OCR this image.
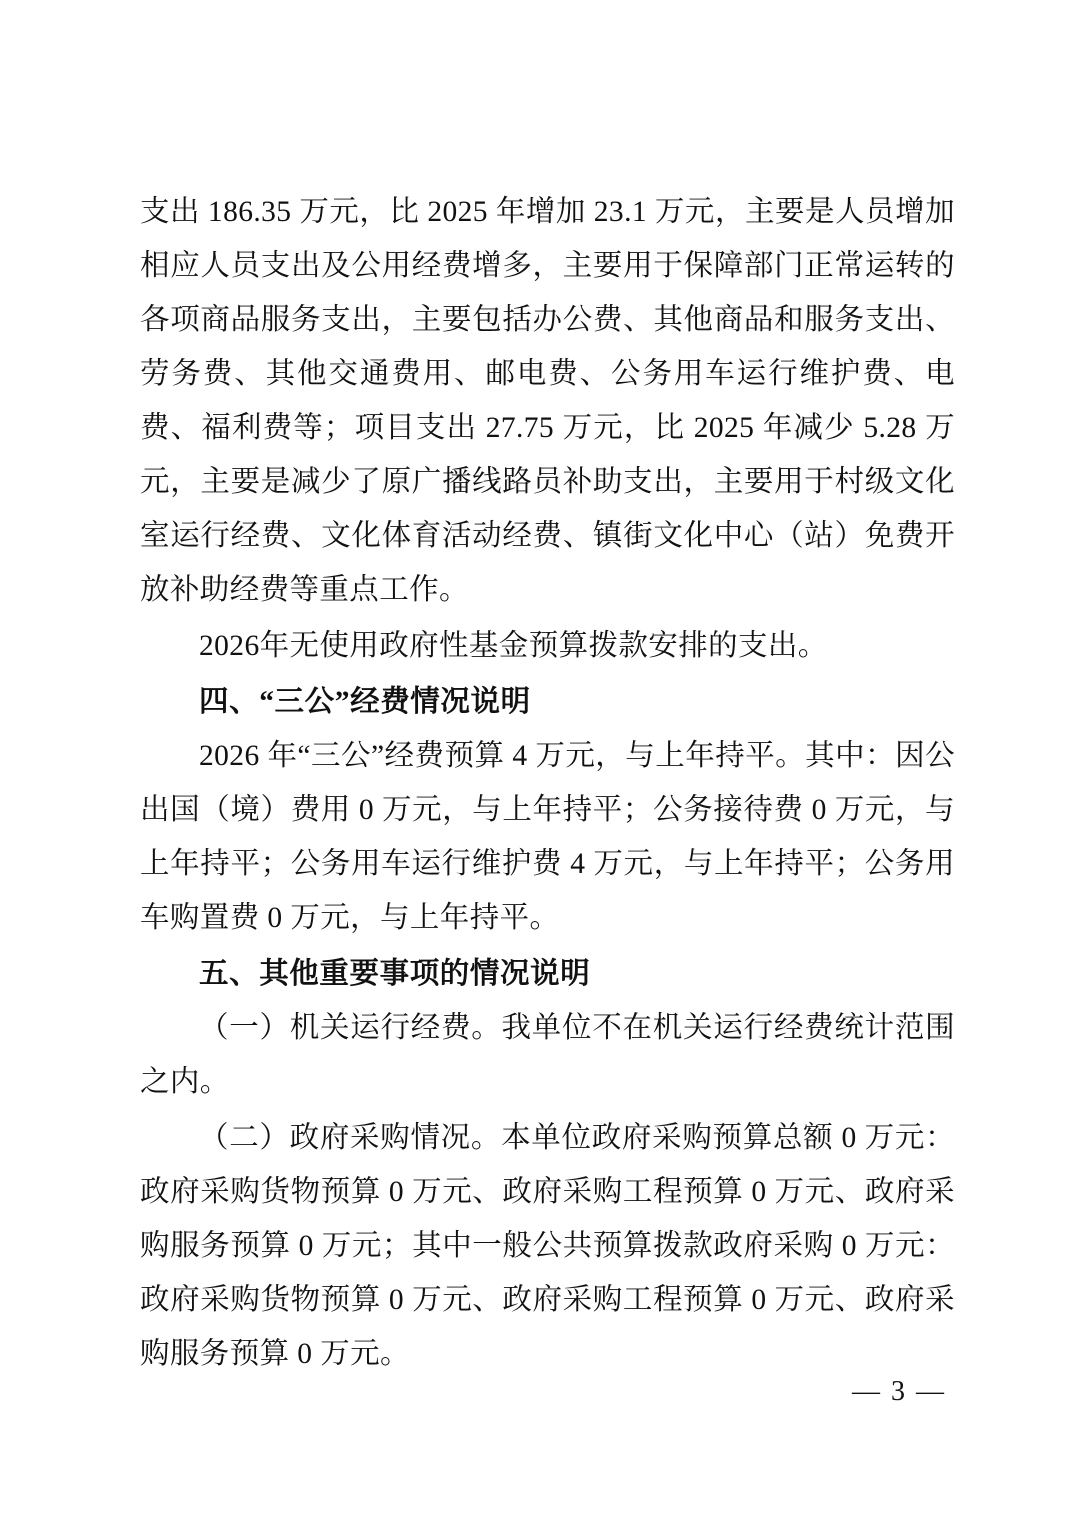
支出 186.35 万元，比 2025 年增加 23.1 万元，主要是人员增加相应人员支出及公用经费增多，主要用于保障部门正常运转的各项商品服务支出，主要包括办公费、其他商品和服务支出、劳务费、其他交通费用、邮电费、公务用车运行维护费、电费、福利费等；项目支出 27.75 万元，比 2025 年减少 5.28 万元，主要是减少了原广播线路员补助支出，主要用于村级文化室运行经费、文化体育活动经费、镇街文化中心（站）免费开放补助经费等重点工作。

2026年无使用政府性基金预算拨款安排的支出。

四、“三公”经费情况说明

2026 年“三公”经费预算 4 万元，与上年持平。其中：因公出国（境）费用 0 万元，与上年持平；公务接待费 0 万元，与上年持平；公务用车运行维护费 4 万元，与上年持平；公务用车购置费 0 万元，与上年持平。

五、其他重要事项的情况说明

（一）机关运行经费。我单位不在机关运行经费统计范围之内。

（二）政府采购情况。本单位政府采购预算总额 0 万元：政府采购货物预算 0 万元、政府采购工程预算 0 万元、政府采购服务预算 0 万元；其中一般公共预算拨款政府采购 0 万元：政府采购货物预算 0 万元、政府采购工程预算 0 万元、政府采购服务预算 0 万元。

— 3 —
